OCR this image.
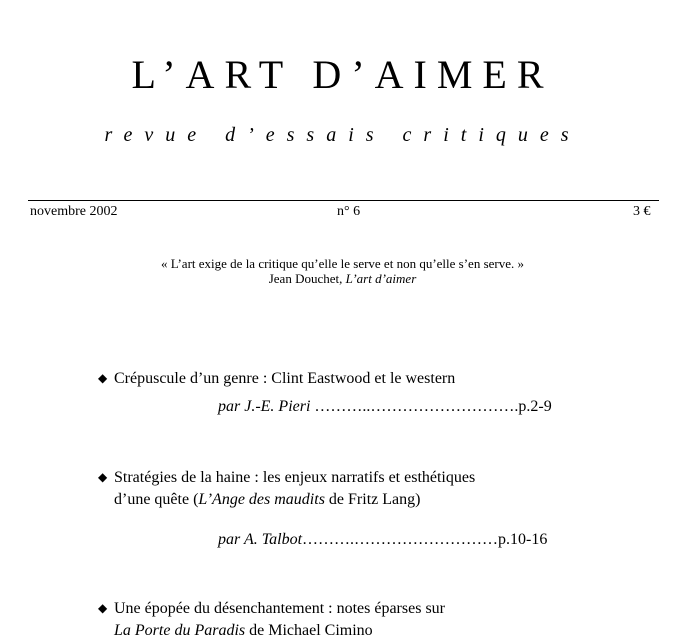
L’ART D’AIMER
revue d’essais critiques
novembre 2002	n° 6	3 €
« L’art exige de la critique qu’elle le serve et non qu’elle s’en serve. »
Jean Douchet, L’art d’aimer
◆ Crépuscule d’un genre : Clint Eastwood et le western
par J.-E. Pieri ………..……………………….p.2-9
◆ Stratégies de la haine : les enjeux narratifs et esthétiques d’une quête (L’Ange des maudits de Fritz Lang)
par A. Talbot……….………………………p.10-16
◆ Une épopée du désenchantement : notes éparses sur
La Porte du Paradis de Michael Cimino
